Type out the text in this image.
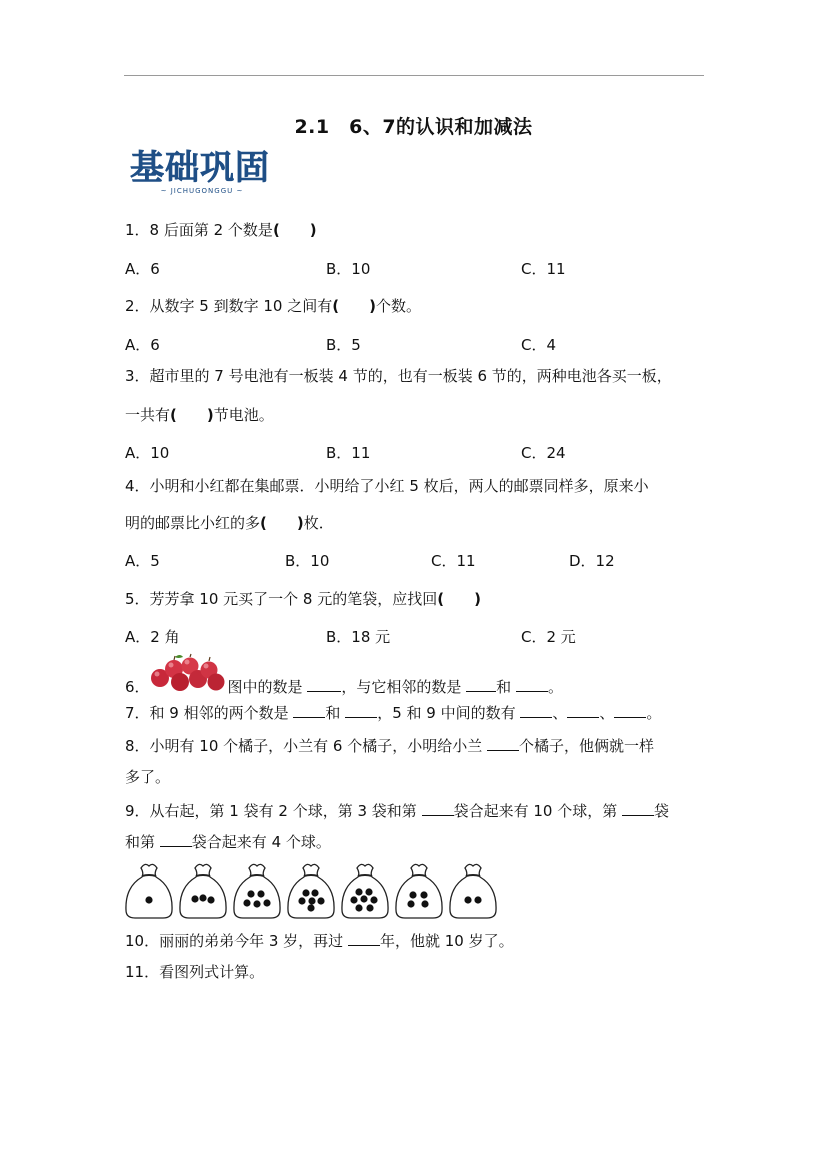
2.1　6、7的认识和加减法
基础巩固
~ JICHUGONGGU ~
1．8 后面第 2 个数是(　　)
A．6	B．10	C．11
2．从数字 5 到数字 10 之间有(　　)个数。
A．6	B．5	C．4
3．超市里的 7 号电池有一板装 4 节的，也有一板装 6 节的，两种电池各买一板，
一共有(　　)节电池。
A．10	B．11	C．24
4．小明和小红都在集邮票．小明给了小红 5 枚后，两人的邮票同样多，原来小
明的邮票比小红的多(　　)枚．
A．5	B．10	C．11	D．12
5．芳芳拿 10 元买了一个 8 元的笔袋，应找回(　　)
A．2 角	B．18 元	C．2 元
6．	图中的数是	，与它相邻的数是 和 。
7．和 9 相邻的两个数是 和 ，5 和 9 中间的数有 、 、 。
8．小明有 10 个橘子，小兰有 6 个橘子，小明给小兰 个橘子，他俩就一样
多了。
9．从右起，第 1 袋有 2 个球，第 3 袋和第 袋合起来有 10 个球，第 袋
和第 袋合起来有 4 个球。
10．丽丽的弟弟今年 3 岁，再过 年，他就 10 岁了。
11．看图列式计算。
